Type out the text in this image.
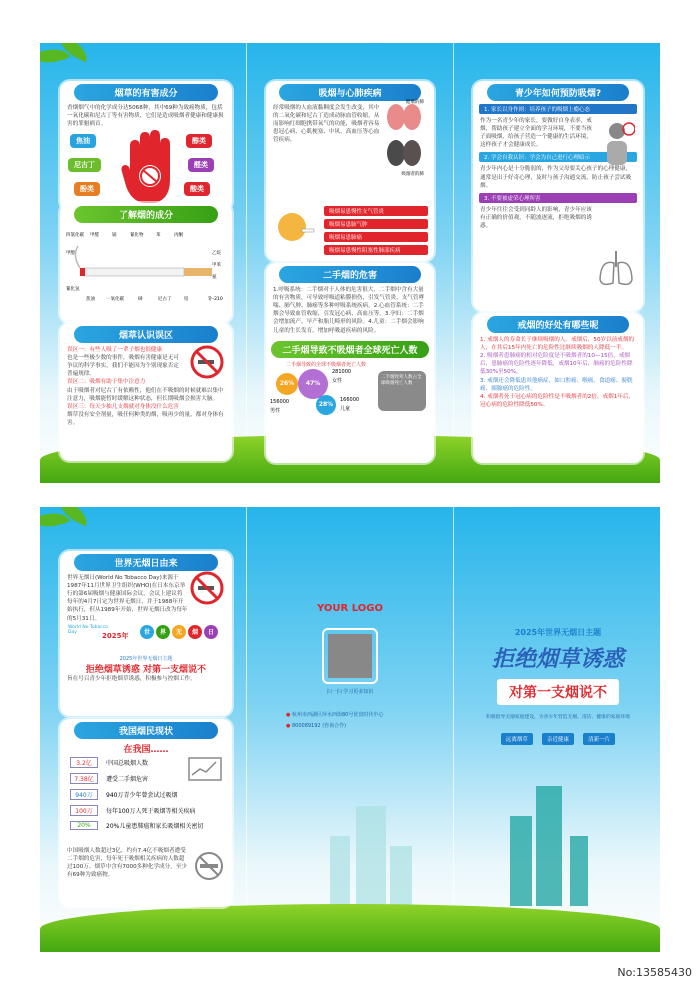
烟草的有害成分
香烟烟气中的化学成分达5068种，其中69种为致癌物质，包括一氧化碳和尼古丁等有害物质，它们是造成吸烟者健康和健康损害的罪魁祸首。
焦油
尼古丁
酚类
醇类
醛类
酸类
了解烟的成分
四氯化碳
甲醇
甲醛	镉	氰化物	苯	丙酮
乙烷
甲苯
氨
氰化氢
焦油 一氧化碳	砷	尼古丁	铅	钋-210
烟草认识误区
误区一：有些人吸了一辈子烟也很健康
也是一些极少数的事件，吸烟有害健康是无可争议的科学事实，我们不能因为个别现象否定普遍规律。
误区二：吸烟有助于集中注意力
由于吸烟者对尼古丁有依赖性，他们在不吸烟的时候就难以集中注意力，吸烟能暂时缓解这种状态，但长期吸烟会损害大脑。
误区三：每天少抽几支烟就对身体没什么危害
烟草没有安全剂量，吸任何种类的烟，吸再少的量，都对身体有害。
吸烟与心肺疾病
经常吸烟的人血液黏稠度会发生改变，其中的二氧化碳和尼古丁造成动脉血管收缩，从而影响红细胞携带氧气的功能，吸烟者容易患冠心病、心肌梗塞、中风、高血压等心血管疾病。
健康的肺
吸烟者的肺
吸烟易患慢性支气管炎
吸烟易患肺气肿
吸烟易患肺癌
吸烟易患慢性阻塞性肺部疾病
二手烟的危害
1.呼吸系统：二手烟对于人体的危害很大，二手烟中含有大量的有害物质，可导致呼吸道粘膜损伤，引发气管炎、支气管哮喘、肺气肿、肺癌等多种呼吸系统疾病。2.心血管系统：二手烟会导致血管收缩，引发冠心病、高血压等。3.孕妇：二手烟会增加流产、早产和胎儿畸形的风险。4.儿童：二手烟会影响儿童的生长发育，增加呼吸道疾病的风险。
二手烟导致不吸烟者全球死亡人数
二手烟导致的全球不吸烟者死亡人数
26%	47%
28%
156000
男性
281000
女性
166000
儿童
二手烟致死人数占全球吸烟死亡人数
青少年如何预防吸烟?
1. 家长以身作则：培养孩子的吸烟上瘾心态
作为一名青少年的家长，要做好自身表率，戒烟，帮助孩子建立全面的学习环境，不要当孩子面吸烟，给孩子营造一个健康的生活环境，这样孩子才会健康成长。
2. 学会自我认识：学会为自己进行心理暗示
青少年内心是十分脆弱的，作为父母要关心孩子的心理健康，通常是出于好奇心理，及时与孩子沟通交流，防止孩子尝试吸烟。
3. 不要被虚荣心理所害
青少年往往会受到同龄人的影响，青少年应该有正确的价值观，不随波逐流，拒绝吸烟的诱惑。
戒烟的好处有哪些呢
1. 戒烟人的寿命长于继续吸烟的人。戒烟后，50岁以前戒烟的人，在其后15年内死亡的危险性比继续吸烟的人降低一半。
2. 吸烟者患肺癌的相对危险度是不吸烟者的10—15倍。戒烟后，患肺癌的危险性逐年降低，戒烟10年后，肺癌的危险性降低30%至50%。
3. 戒烟还会降低患其他癌症，如口腔癌、喉癌、食道癌、膀胱癌、胰腺癌的危险性。
4. 戒烟者死于冠心病的危险性是不吸烟者的2倍，戒烟1年后，冠心病的危险性降低50%。
世界无烟日由来
世界无烟日(World No Tobacco Day)来源于1987年11月世界卫生组织(WHO)在日本东京举行的第6届吸烟与健康国际会议，会议上建议将每年的4月7日定为世界无烟日，并于1988年开始执行，但从1989年开始，世界无烟日改为每年的5月31日。
World No Tobacco Day	2025年	世	界	无	烟	日
2025年世界无烟日主题
拒绝烟草诱惑 对第一支烟说不
旨在号召青少年拒绝烟草诱惑，积极参与控烟工作。
我国烟民现状
在我国……
3.2亿	中国总吸烟人数
7.38亿	遭受二手烟危害
940万	940万青少年曾尝试过吸烟
100万	每年100万人死于吸烟等相关疾病
20%	20%儿童患肺癌和家长吸烟相关密切
中国吸烟人数超过3亿，约有7.4亿不吸烟者遭受二手烟的危害，每年死于吸烟相关疾病的人数超过100万。烟草中含有7000多种化学成分，至少有69种为致癌物。
YOUR LOGO
扫一扫 学习更多知识
● 杭州市西湖区萍水西街80号优盘时代中心
● 800089192 (咨询合作)
2025年世界无烟日主题
拒绝烟草诱惑
对第一支烟说不
积极倡导无烟家庭建设，为青少年营造无烟、清洁、健康的家庭环境
远离烟草	亲近健康	清新一片
No:13585430
